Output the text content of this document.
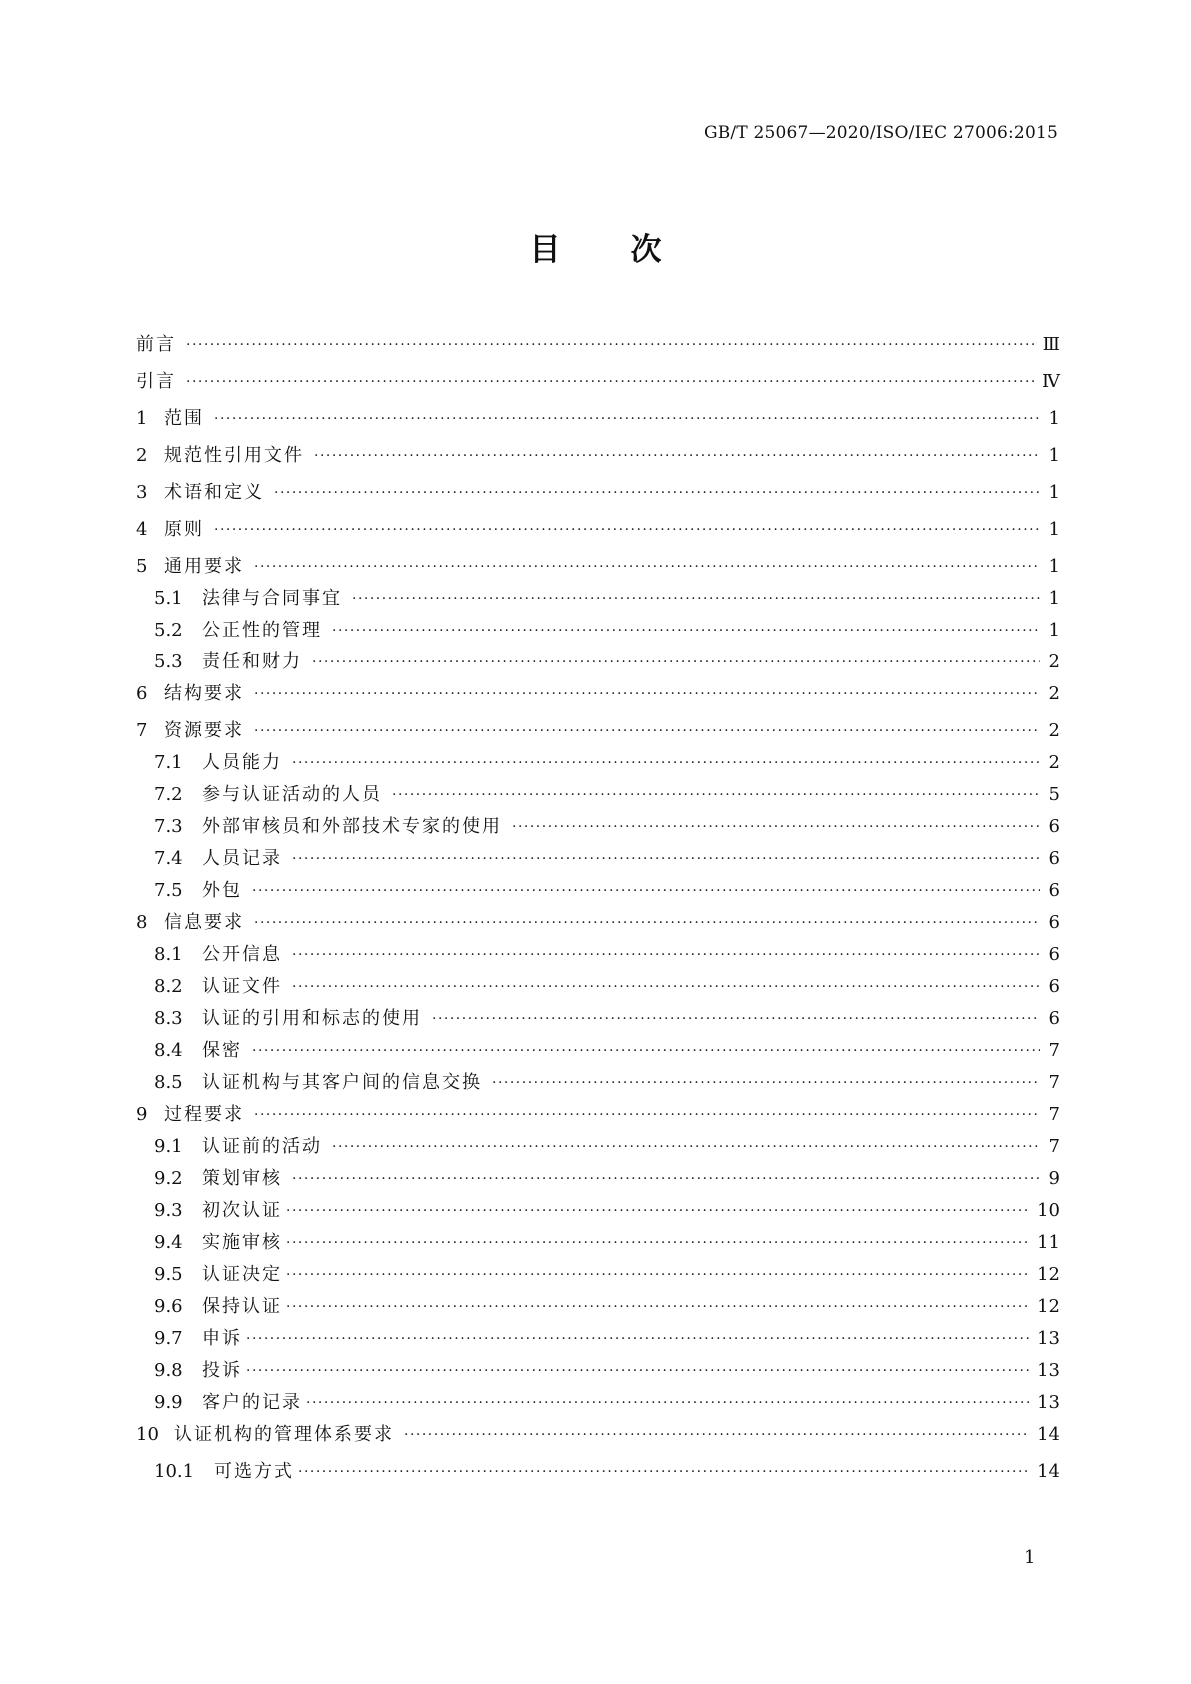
GB/T 25067—2020/ISO/IEC 27006:2015
目次
前言 ·····	Ⅲ
引言 ·····	Ⅳ
1 范围 ·····	1
2 规范性引用文件 ·····	1
3 术语和定义 ·····	1
4 原则 ·····	1
5 通用要求 ·····	1
5.1	法律与合同事宜 ·····	1
5.2	公正性的管理 ·····	1
5.3	责任和财力 ·····	2
6 结构要求 ·····	2
7 资源要求 ·····	2
7.1	人员能力 ·····	2
7.2	参与认证活动的人员 ·····	5
7.3	外部审核员和外部技术专家的使用 ·····	6
7.4	人员记录 ·····	6
7.5	外包 ·····	6
8 信息要求 ·····	6
8.1	公开信息 ·····	6
8.2	认证文件 ·····	6
8.3	认证的引用和标志的使用 ·····	6
8.4	保密 ·····	7
8.5	认证机构与其客户间的信息交换 ·····	7
9 过程要求 ·····	7
9.1	认证前的活动 ·····	7
9.2	策划审核 ·····	9
9.3	初次认证 ·····	10
9.4	实施审核 ·····	11
9.5	认证决定 ·····	12
9.6	保持认证 ·····	12
9.7	申诉 ·····	13
9.8	投诉 ·····	13
9.9	客户的记录 ·····	13
10 认证机构的管理体系要求 ·····	14
10.1	可选方式 ·····	14
1
